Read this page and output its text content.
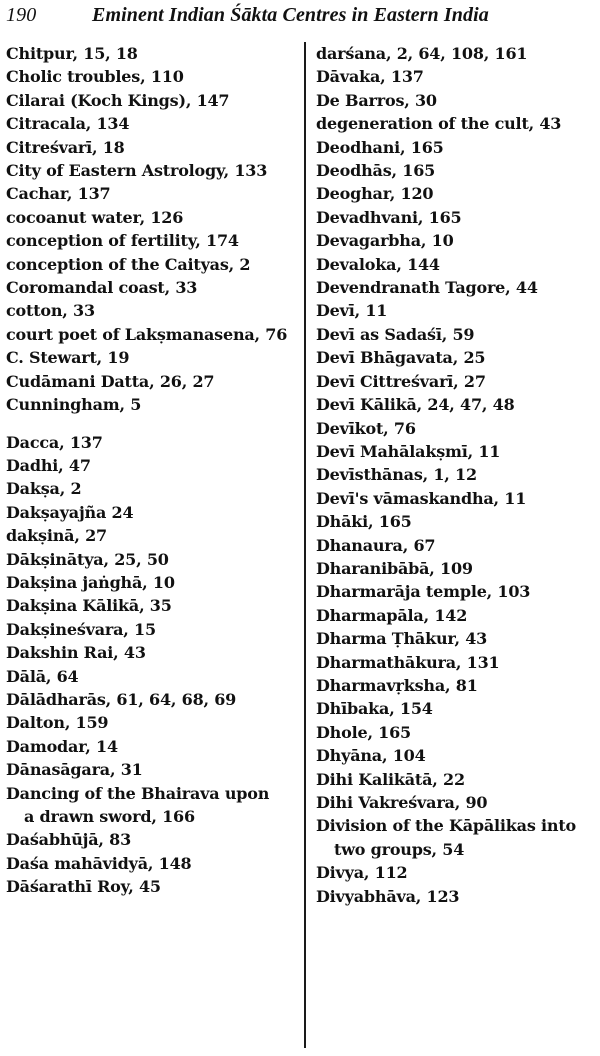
190	Eminent Indian Śākta Centres in Eastern India
Chitpur, 15, 18
Cholic troubles, 110
Cilarai (Koch Kings), 147
Citracala, 134
Citreśvarī, 18
City of Eastern Astrology, 133
Cachar, 137
cocoanut water, 126
conception of fertility, 174
conception of the Caityas, 2
Coromandal coast, 33
cotton, 33
court poet of Lakṣmanasena, 76
C. Stewart, 19
Cudāmani Datta, 26, 27
Cunningham, 5
Dacca, 137
Dadhi, 47
Dakṣa, 2
Dakṣayajña 24
dakṣinā, 27
Dākṣinātya, 25, 50
Dakṣina jaṅghā, 10
Dakṣina Kālikā, 35
Dakṣineśvara, 15
Dakshin Rai, 43
Dālā, 64
Dālādharās, 61, 64, 68, 69
Dalton, 159
Damodar, 14
Dānasāgara, 31
Dancing of the Bhairava upon
a drawn sword, 166
Daśabhūjā, 83
Daśa mahāvidyā, 148
Dāśarathī Roy, 45
darśana, 2, 64, 108, 161
Dāvaka, 137
De Barros, 30
degeneration of the cult, 43
Deodhani, 165
Deodhās, 165
Deoghar, 120
Devadhvani, 165
Devagarbha, 10
Devaloka, 144
Devendranath Tagore, 44
Devī, 11
Devī as Sadaśī, 59
Devī Bhāgavata, 25
Devī Cittreśvarī, 27
Devī Kālikā, 24, 47, 48
Devīkot, 76
Devī Mahālakṣmī, 11
Devīsthānas, 1, 12
Devī's vāmaskandha, 11
Dhāki, 165
Dhanaura, 67
Dharanibābā, 109
Dharmarāja temple, 103
Dharmapāla, 142
Dharma Ṭhākur, 43
Dharmathākura, 131
Dharmavṛksha, 81
Dhībaka, 154
Dhole, 165
Dhyāna, 104
Dihi Kalikātā, 22
Dihi Vakreśvara, 90
Division of the Kāpālikas into
two groups, 54
Divya, 112
Divyabhāva, 123
